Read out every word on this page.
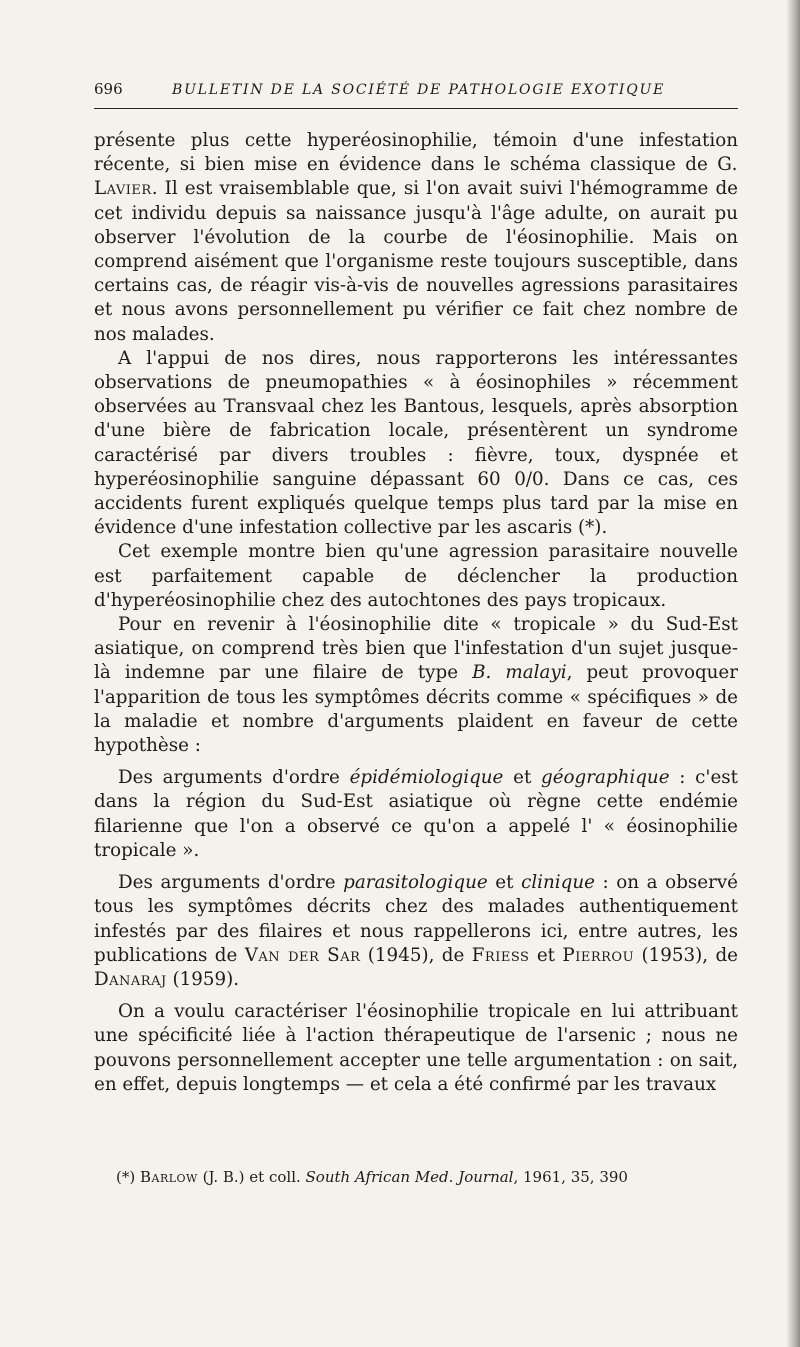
696	BULLETIN DE LA SOCIÉTÉ DE PATHOLOGIE EXOTIQUE

présente plus cette hyperéosinophilie, témoin d'une infestation récente, si bien mise en évidence dans le schéma classique de G. Lavier. Il est vraisemblable que, si l'on avait suivi l'hémogramme de cet individu depuis sa naissance jusqu'à l'âge adulte, on aurait pu observer l'évolution de la courbe de l'éosinophilie. Mais on comprend aisément que l'organisme reste toujours susceptible, dans certains cas, de réagir vis-à-vis de nouvelles agressions parasitaires et nous avons personnellement pu vérifier ce fait chez nombre de nos malades.

A l'appui de nos dires, nous rapporterons les intéressantes observations de pneumopathies « à éosinophiles » récemment observées au Transvaal chez les Bantous, lesquels, après absorption d'une bière de fabrication locale, présentèrent un syndrome caractérisé par divers troubles : fièvre, toux, dyspnée et hyperéosinophilie sanguine dépassant 60 0/0. Dans ce cas, ces accidents furent expliqués quelque temps plus tard par la mise en évidence d'une infestation collective par les ascaris (*).

Cet exemple montre bien qu'une agression parasitaire nouvelle est parfaitement capable de déclencher la production d'hyperéosinophilie chez des autochtones des pays tropicaux.

Pour en revenir à l'éosinophilie dite « tropicale » du Sud-Est asiatique, on comprend très bien que l'infestation d'un sujet jusque-là indemne par une filaire de type B. malayi, peut provoquer l'apparition de tous les symptômes décrits comme « spécifiques » de la maladie et nombre d'arguments plaident en faveur de cette hypothèse :

Des arguments d'ordre épidémiologique et géographique : c'est dans la région du Sud-Est asiatique où règne cette endémie filarienne que l'on a observé ce qu'on a appelé l' « éosinophilie tropicale ».

Des arguments d'ordre parasitologique et clinique : on a observé tous les symptômes décrits chez des malades authentiquement infestés par des filaires et nous rappellerons ici, entre autres, les publications de Van der Sar (1945), de Friess et Pierrou (1953), de Danaraj (1959).

On a voulu caractériser l'éosinophilie tropicale en lui attribuant une spécificité liée à l'action thérapeutique de l'arsenic ; nous ne pouvons personnellement accepter une telle argumentation : on sait, en effet, depuis longtemps — et cela a été confirmé par les travaux

(*) Barlow (J. B.) et coll. South African Med. Journal, 1961, 35, 390
